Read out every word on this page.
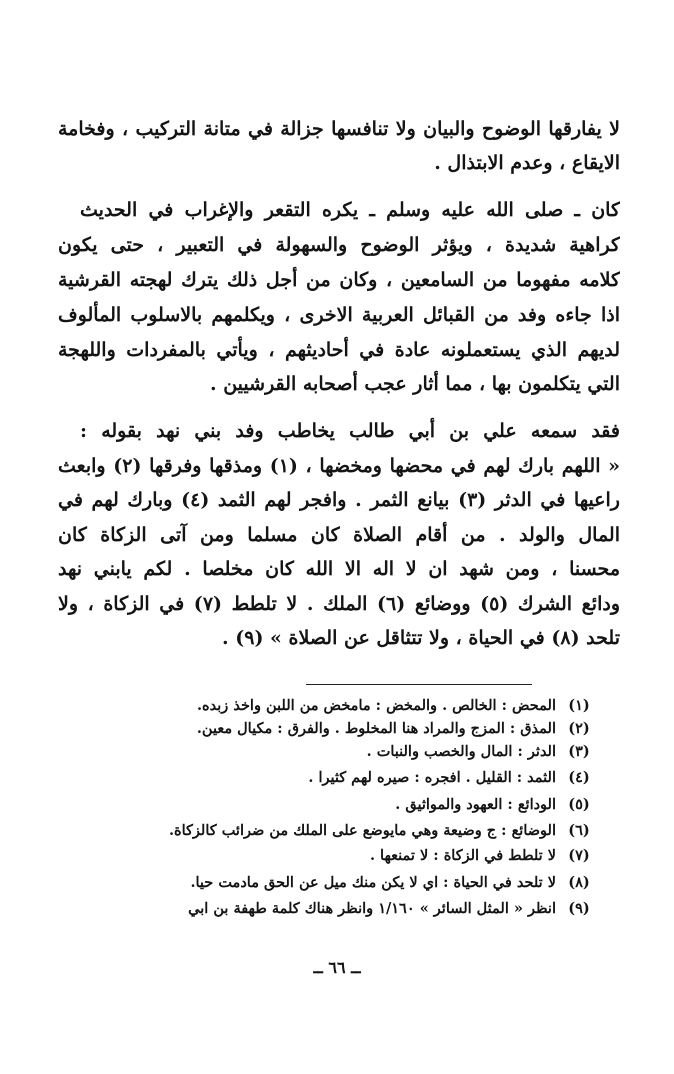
لا يفارقها الوضوح والبيان ولا تنافسها جزالة في متانة التركيب ، وفخامة
الايقاع ، وعدم الابتذال .
كان ـ صلى الله عليه وسلم ـ يكره التقعر والإغراب في الحديث
كراهية شديدة ، ويؤثر الوضوح والسهولة في التعبير ، حتى يكون
كلامه مفهوما من السامعين ، وكان من أجل ذلك يترك لهجته القرشية
اذا جاءه وفد من القبائل العربية الاخرى ، ويكلمهم بالاسلوب المألوف
لديهم الذي يستعملونه عادة في أحاديثهم ، ويأتي بالمفردات واللهجة
التي يتكلمون بها ، مما أثار عجب أصحابه القرشيين .
فقد سمعه علي بن أبي طالب يخاطب وفد بني نهد بقوله :
« اللهم بارك لهم في محضها ومخضها ، (١) ومذقها وفرقها (٢) وابعث
راعيها في الدثر (٣) بيانع الثمر . وافجر لهم الثمد (٤) وبارك لهم في
المال والولد . من أقام الصلاة كان مسلما ومن آتى الزكاة كان
محسنا ، ومن شهد ان لا اله الا الله كان مخلصا . لكم يابني نهد
ودائع الشرك (٥) ووضائع (٦) الملك . لا تلطط (٧) في الزكاة ، ولا
تلحد (٨) في الحياة ، ولا تتثاقل عن الصلاة » (٩) .
(١)
المحض : الخالص . والمخض : مامخض من اللبن واخذ زبده.
(٢)
المذق : المزج والمراد هنا المخلوط . والفرق : مكيال معين.
(٣)
الدثر : المال والخصب والنبات .
(٤)
الثمد : القليل . افجره : صيره لهم كثيرا .
(٥)
الودائع : العهود والمواثيق .
(٦)
الوضائع : ج وضيعة وهي مايوضع على الملك من ضرائب كالزكاة.
(٧)
لا تلطط في الزكاة : لا تمنعها .
(٨)
لا تلحد في الحياة : اي لا يكن منك ميل عن الحق مادمت حيا.
(٩)
انظر « المثل السائر » ١/١٦٠ وانظر هناك كلمة طهفة بن ابي
ــ ٦٦ ــ
